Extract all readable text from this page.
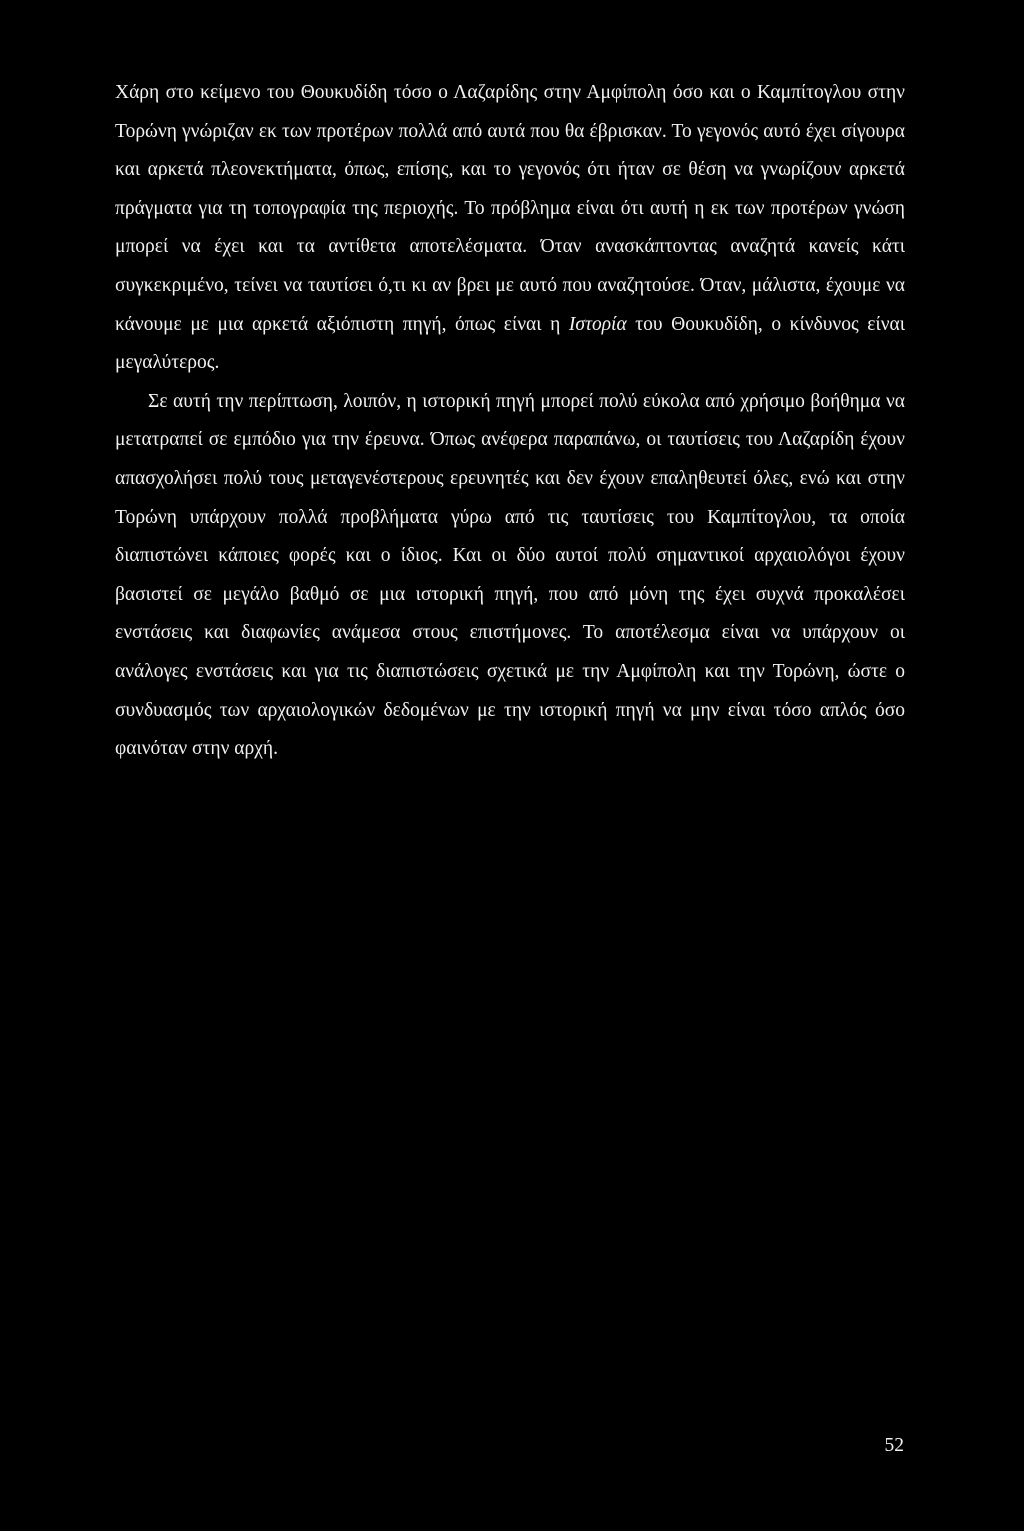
Χάρη στο κείμενο του Θουκυδίδη τόσο ο Λαζαρίδης στην Αμφίπολη όσο και ο Καμπίτογλου στην Τορώνη γνώριζαν εκ των προτέρων πολλά από αυτά που θα έβρισκαν. Το γεγονός αυτό έχει σίγουρα και αρκετά πλεονεκτήματα, όπως, επίσης, και το γεγονός ότι ήταν σε θέση να γνωρίζουν αρκετά πράγματα για τη τοπογραφία της περιοχής. Το πρόβλημα είναι ότι αυτή η εκ των προτέρων γνώση μπορεί να έχει και τα αντίθετα αποτελέσματα. Όταν ανασκάπτοντας αναζητά κανείς κάτι συγκεκριμένο, τείνει να ταυτίσει ό,τι κι αν βρει με αυτό που αναζητούσε. Όταν, μάλιστα, έχουμε να κάνουμε με μια αρκετά αξιόπιστη πηγή, όπως είναι η Ιστορία του Θουκυδίδη, ο κίνδυνος είναι μεγαλύτερος.

Σε αυτή την περίπτωση, λοιπόν, η ιστορική πηγή μπορεί πολύ εύκολα από χρήσιμο βοήθημα να μετατραπεί σε εμπόδιο για την έρευνα. Όπως ανέφερα παραπάνω, οι ταυτίσεις του Λαζαρίδη έχουν απασχολήσει πολύ τους μεταγενέστερους ερευνητές και δεν έχουν επαληθευτεί όλες, ενώ και στην Τορώνη υπάρχουν πολλά προβλήματα γύρω από τις ταυτίσεις του Καμπίτογλου, τα οποία διαπιστώνει κάποιες φορές και ο ίδιος. Και οι δύο αυτοί πολύ σημαντικοί αρχαιολόγοι έχουν βασιστεί σε μεγάλο βαθμό σε μια ιστορική πηγή, που από μόνη της έχει συχνά προκαλέσει ενστάσεις και διαφωνίες ανάμεσα στους επιστήμονες. Το αποτέλεσμα είναι να υπάρχουν οι ανάλογες ενστάσεις και για τις διαπιστώσεις σχετικά με την Αμφίπολη και την Τορώνη, ώστε ο συνδυασμός των αρχαιολογικών δεδομένων με την ιστορική πηγή να μην είναι τόσο απλός όσο φαινόταν στην αρχή.

52
